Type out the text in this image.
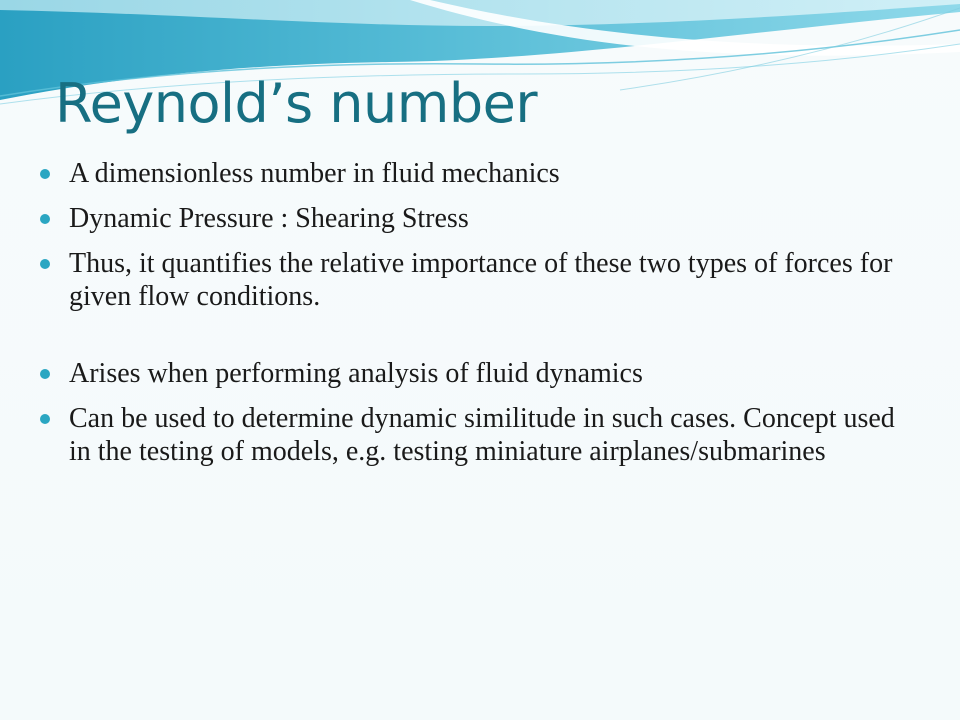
Reynold’s number
A dimensionless number in fluid mechanics
Dynamic Pressure : Shearing Stress
Thus, it quantifies the relative importance of these two types of forces for given flow conditions.
Arises when performing analysis of fluid dynamics
Can be used to determine dynamic similitude in such cases. Concept used in the testing of models, e.g. testing miniature airplanes/submarines
